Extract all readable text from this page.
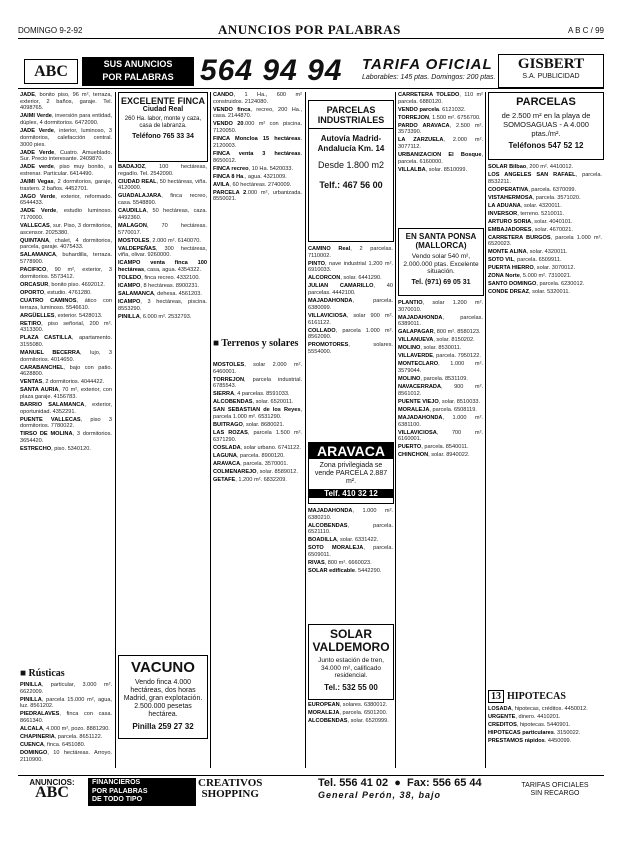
DOMINGO 9-2-92	ANUNCIOS POR PALABRAS	A B C / 99
ABC	SUS ANUNCIOS
POR PALABRAS 564 94 94 TARIFA OFICIAL
Laborables: 145 ptas. Domingos: 200 ptas.
GISBERT
S.A. PUBLICIDAD

JADE, bonito piso, 96 m², terraza, exterior, 2 baños, garaje. Tel. 4098765.

JAIMI Verde, inversión para entidad, dúplex, 4 dormitorios. 6472090.

JADE Verde, interior, luminoso, 3 dormitorios, calefacción central. 3000 pies.

JADE Verde, Cuatro. Amueblado. Sur. Precio interesante. 2409870.

JADE verde, piso muy bonito, a estrenar. Particular. 6414490.

JAIMI Vegas, 2 dormitorios, garaje, trastero. 2 baños. 4452701.

JAGO Verde, exterior, reformado. 6544433.

JADE Verde, estudio luminoso. 7170000.

VALLECAS, sur. Piso, 3 dormitorios, ascensor. 2025380.

QUINTANA, chalet, 4 dormitorios, parcela, garaje. 4075433.

SALAMANCA, buhardilla, terraza. 5778900.

PACIFICO, 90 m², exterior, 3 dormitorios. 5573412.

ORCASUR, bonito piso. 4692012.

OPORTO, estudio. 4761280.

CUATRO CAMINOS, ático con terraza, luminoso. 5546610.

ARGÜELLES, exterior. 5428013.

RETIRO, piso señorial, 200 m². 4313300.

PLAZA CASTILLA, apartamento. 3155080.

MANUEL BECERRA, lujo, 3 dormitorios. 4014650.

CARABANCHEL, bajo con patio. 4628800.

VENTAS, 2 dormitorios. 4044422.

SANTA AURIA, 70 m², exterior, con plaza garaje. 4156783.

BARRIO SALAMANCA, exterior, oportunidad. 4352291.

PUENTE VALLECAS, piso 3 dormitorios. 7780022.

TIRSO DE MOLINA, 3 dormitorios. 3654420.

ESTRECHO, piso. 5340120.

■ Rústicas

PINILLA, particular, 3.000 m². 6622009.

PINILLA, parcela 15.000 m², agua, luz. 8561202.

PIEDRALAVES, finca con casa. 8661340.

ALCALA, 4.000 m², pozo. 8881290.

CHAPINERIA, parcela. 8651122.

CUENCA, finca. 6451080.

DOMINGO, 10 hectáreas. Arroyo. 2110900.

EXCELENTE FINCA
Ciudad Real
260 Ha. labor, monte y caza, casa de labranza.
Teléfono 765 33 34

BADAJOZ, 100 hectáreas, regadío. Tel. 2542090.

CIUDAD REAL, 50 hectáreas, viña. 4120000.

GUADALAJARA, finca recreo, casa. 5548890.

CAUDILLA, 50 hectáreas, caza. 4492360.

MALAGON, 70 hectáreas. 5770017.

MOSTOLES, 2.000 m². 6140070.

VALDEPEÑAS, 300 hectáreas, viña, olivar. 9260000.

ICAMPO venta finca 100 hectáreas, casa, agua. 4354322.

TOLEDO, finca recreo. 4332100.

ICAMPO, 8 hectáreas. 8900231.

SALAMANCA, dehesa. 4561203.

ICAMPO, 3 hectáreas, piscina. 8553290.

PINILLA, 6.000 m². 2532793.

VACUNO
Vendo finca 4.000 hectáreas, dos horas Madrid, gran explotación. 2.500.000 pesetas hectárea.
Pinilla 259 27 32

CANDO, 1 Ha., 600 m² construidos. 2124080.

VENDO finca, recreo, 200 Ha., casa. 2144870.

VENDO 20.000 m² con piscina. 7120050.

FINCA Moncloa 15 hectáreas. 2120003.

FINCA venta 3 hectáreas. 8650012.

FINCA recreo, 10 Ha. 5420033.

FINCA 8 Ha., agua. 4321009.

AVILA, 60 hectáreas. 2740009.

PARCELA 2.000 m², urbanizada. 8550021.

■ Terrenos y solares

MOSTOLES, solar 2.000 m². 6460001.

TORREJON, parcela industrial. 6785543.

SIERRA, 4 parcelas. 8591033.

ALCOBENDAS, solar. 6520011.

SAN SEBASTIAN de los Reyes, parcela 1.000 m². 6531290.

BUITRAGO, solar. 8680021.

LAS ROZAS, parcela 1.500 m². 6371290.

COSLADA, solar urbano. 6741122.

LAGUNA, parcela. 8900120.

ARAVACA, parcela. 3570001.

COLMENAREJO, solar. 8589012.

GETAFE, 1.200 m². 6832209.

PARCELAS INDUSTRIALES
Autovía Madrid-Andalucía Km. 14
Desde 1.800 m2
Telf.: 467 56 00

CAMINO Real, 2 parcelas. 7110002.

PINTO, nave industrial 1.200 m². 6910033.

ALCORCON, solar. 6441290.

JULIAN CAMARILLO, 40 parcelas. 4442100.

MAJADAHONDA, parcela. 6380099.

VILLAVICIOSA, solar 900 m². 6161122.

COLLADO, parcela 1.000 m². 8562090.

PROMOTORES, solares. 5554000.

ARAVACA
Zona privilegiada se vende PARCELA 2.887 m².
Telf. 410 32 12

MAJADAHONDA, 1.000 m². 6380210.

ALCOBENDAS, parcela. 6521110.

BOADILLA, solar. 6331422.

SOTO MORALEJA, parcela. 6509011.

RIVAS, 800 m². 6660023.

SOLAR edificable. 5442290.

SOLAR VALDEMORO
Junto estación de tren, 34.000 m², calificado residencial.
Tel.: 532 55 00

EUROPEAN, solares. 6380012.

MORALEJA, parcela. 6501200.

ALCOBENDAS, solar. 6520999.

CARRETERA TOLEDO, 110 m² parcela. 6880120.

VENDO parcela. 6121032.

TORREJON, 1.500 m². 6756700.

PARDO ARAVACA, 2.500 m². 3573390.

LA ZARZUELA, 2.000 m². 3077112.

URBANIZACION El Bosque, parcela. 6160000.

VILLALBA, solar. 8510099.

EN SANTA PONSA (MALLORCA)
Vendo solar 540 m², 2.000.000 ptas. Excelente situación.
Tel. (971) 69 05 31

PLANTIO, solar 1.200 m². 3070010.

MAJADAHONDA, parcelas. 6389011.

GALAPAGAR, 800 m². 8580123.

VILLANUEVA, solar. 8150202.

MOLINO, solar. 8530011.

VILLAVERDE, parcela. 7950122.

MONTECLARO, 1.000 m². 3579044.

MOLINO, parcela. 8531109.

NAVACERRADA, 900 m². 8561012.

PUENTE VIEJO, solar. 8510033.

MORALEJA, parcela. 6508119.

MAJADAHONDA, 1.000 m². 6381100.

VILLAVICIOSA, 700 m². 6160001.

PUERTO, parcela. 8540011.

CHINCHON, solar. 8940022.

PARCELAS
de 2.500 m² en la playa de SOMOSAGUAS - A 4.000 ptas./m².
Teléfonos 547 52 12

SOLAR Bilbao, 200 m². 4410012.

LOS ANGELES SAN RAFAEL, parcela. 8532211.

COOPERATIVA, parcela. 6370099.

VISTAHERMOSA, parcela. 3571020.

LA ADUANA, solar. 4320011.

INVERSOR, terreno. 5210011.

ARTURO SORIA, solar. 4040101.

EMBAJADORES, solar. 4670021.

CARRETERA BURGOS, parcela 1.000 m². 6520023.

MONTE ALINA, solar. 4320011.

SOTO VIL, parcela. 6509911.

PUERTA HIERRO, solar. 3070012.

ZONA Norte, 5.000 m². 7310021.

SANTO DOMINGO, parcela. 6230012.

CONDE DREAZ, solar. 5320011.

13 HIPOTECAS

LOSADA, hipotecas, créditos. 4450012.

URGENTE, dinero. 4410201.

CREDITOS, hipotecas. 5440901.

HIPOTECAS particulares. 3150022.

PRESTAMOS rápidos. 4450099.

ANUNCIOS:
ABC
FINANCIEROS
POR PALABRAS
DE TODO TIPO
CREATIVOS
SHOPPING
Tel. 556 41 02  ●  Fax: 556 65 44
General Perón, 38, bajo
TARIFAS OFICIALES
SIN RECARGO
